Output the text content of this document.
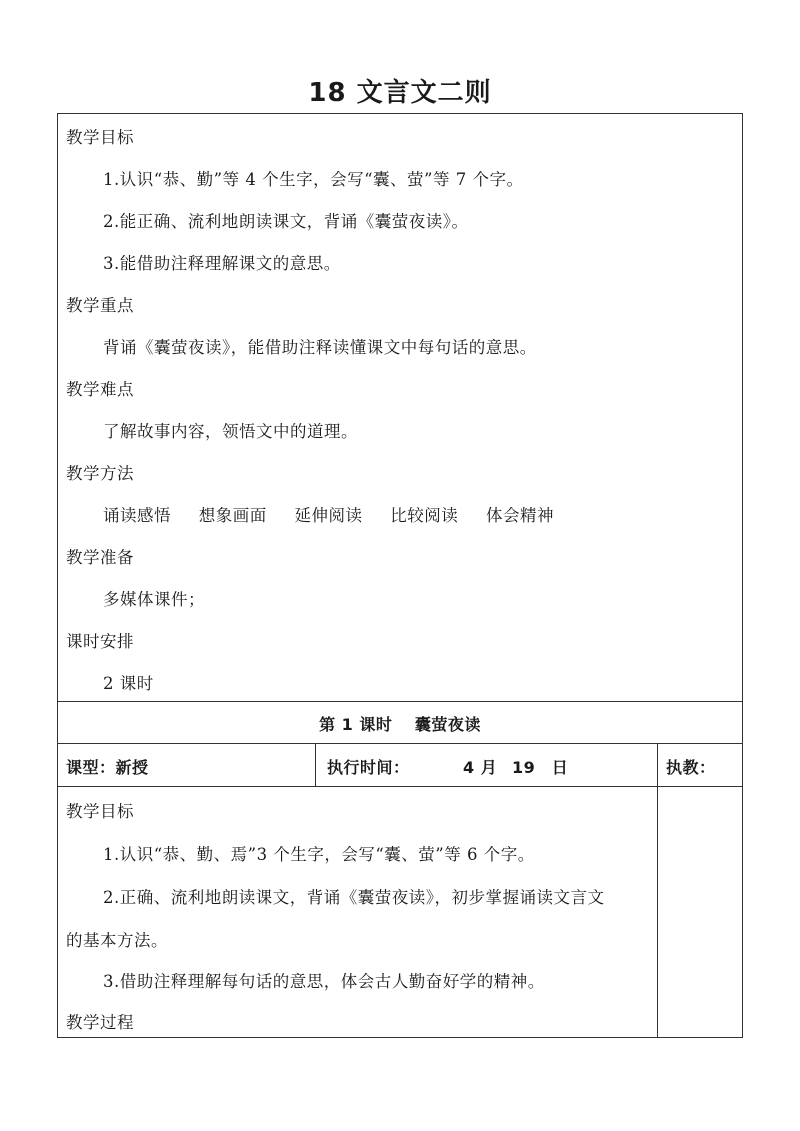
18 文言文二则
教学目标
1.认识“恭、勤”等 4 个生字，会写“囊、萤”等 7 个字。
2.能正确、流利地朗读课文，背诵《囊萤夜读》。
3.能借助注释理解课文的意思。
教学重点
背诵《囊萤夜读》，能借助注释读懂课文中每句话的意思。
教学难点
了解故事内容，领悟文中的道理。
教学方法
诵读感悟 想象画面 延伸阅读 比较阅读 体会精神
教学准备
多媒体课件；
课时安排
2 课时
第 1 课时　 囊萤夜读
课型：新授	执行时间：	4 月 19　日	执教：
教学目标
1.认识“恭、勤、焉”3 个生字，会写“囊、萤”等 6 个字。
2.正确、流利地朗读课文，背诵《囊萤夜读》，初步掌握诵读文言文
的基本方法。
3.借助注释理解每句话的意思，体会古人勤奋好学的精神。
教学过程
